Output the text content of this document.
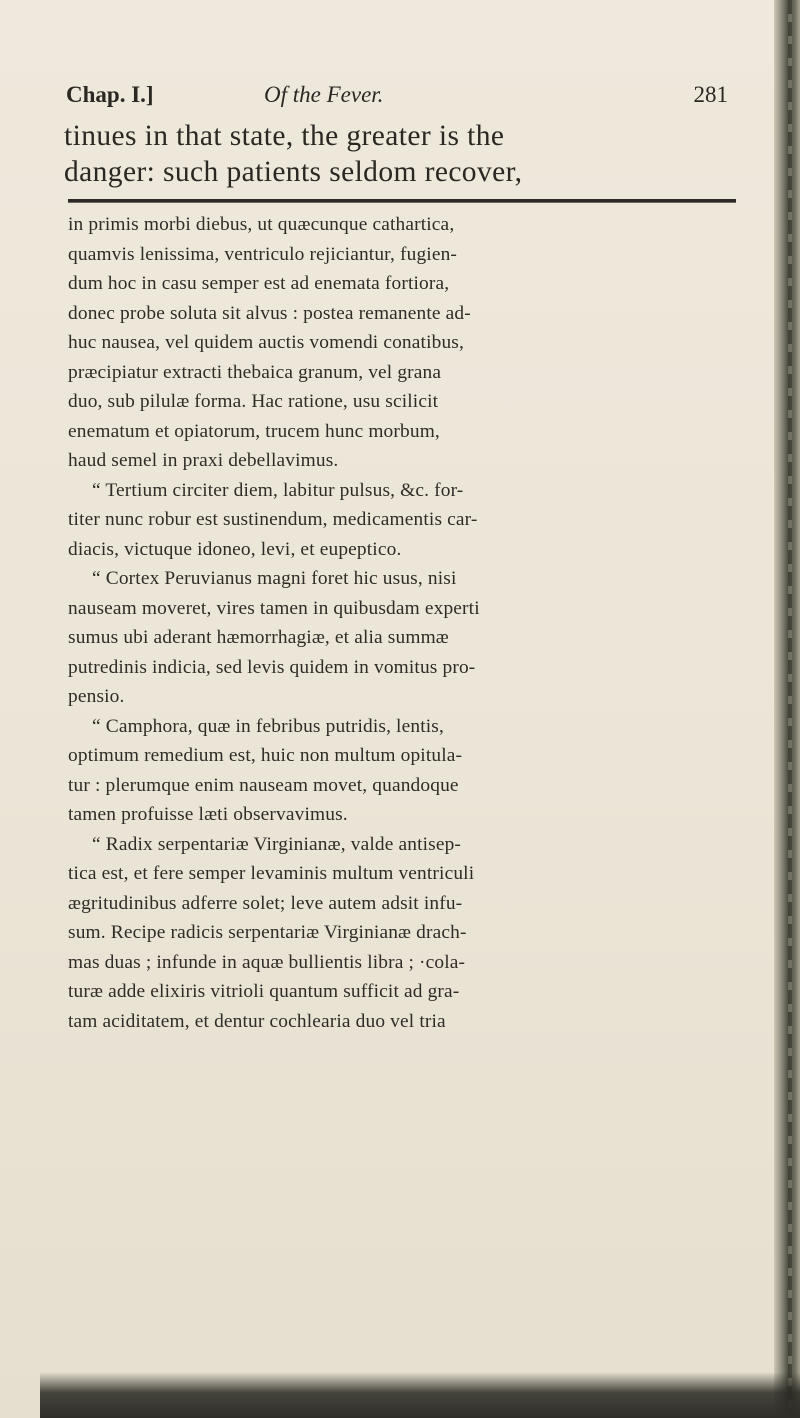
Chap. I.]	Of the Fever.	281
tinues in that state, the greater is the
danger: such patients seldom recover,
in primis morbi diebus, ut quæcunque cathartica,
quamvis lenissima, ventriculo rejiciantur, fugien-
dum hoc in casu semper est ad enemata fortiora,
donec probe soluta sit alvus : postea remanente ad-
huc nausea, vel quidem auctis vomendi conatibus,
præcipiatur extracti thebaica granum, vel grana
duo, sub pilulæ forma. Hac ratione, usu scilicit
enematum et opiatorum, trucem hunc morbum,
haud semel in praxi debellavimus.
“ Tertium circiter diem, labitur pulsus, &c. for-
titer nunc robur est sustinendum, medicamentis car-
diacis, victuque idoneo, levi, et eupeptico.
“ Cortex Peruvianus magni foret hic usus, nisi
nauseam moveret, vires tamen in quibusdam experti
sumus ubi aderant hæmorrhagiæ, et alia summæ
putredinis indicia, sed levis quidem in vomitus pro-
pensio.
“ Camphora, quæ in febribus putridis, lentis,
optimum remedium est, huic non multum opitula-
tur : plerumque enim nauseam movet, quandoque
tamen profuisse læti observavimus.
“ Radix serpentariæ Virginianæ, valde antisep-
tica est, et fere semper levaminis multum ventriculi
ægritudinibus adferre solet; leve autem adsit infu-
sum. Recipe radicis serpentariæ Virginianæ drach-
mas duas ; infunde in aquæ bullientis libra ; ·cola-
turæ adde elixiris vitrioli quantum sufficit ad gra-
tam aciditatem, et dentur cochlearia duo vel tria
